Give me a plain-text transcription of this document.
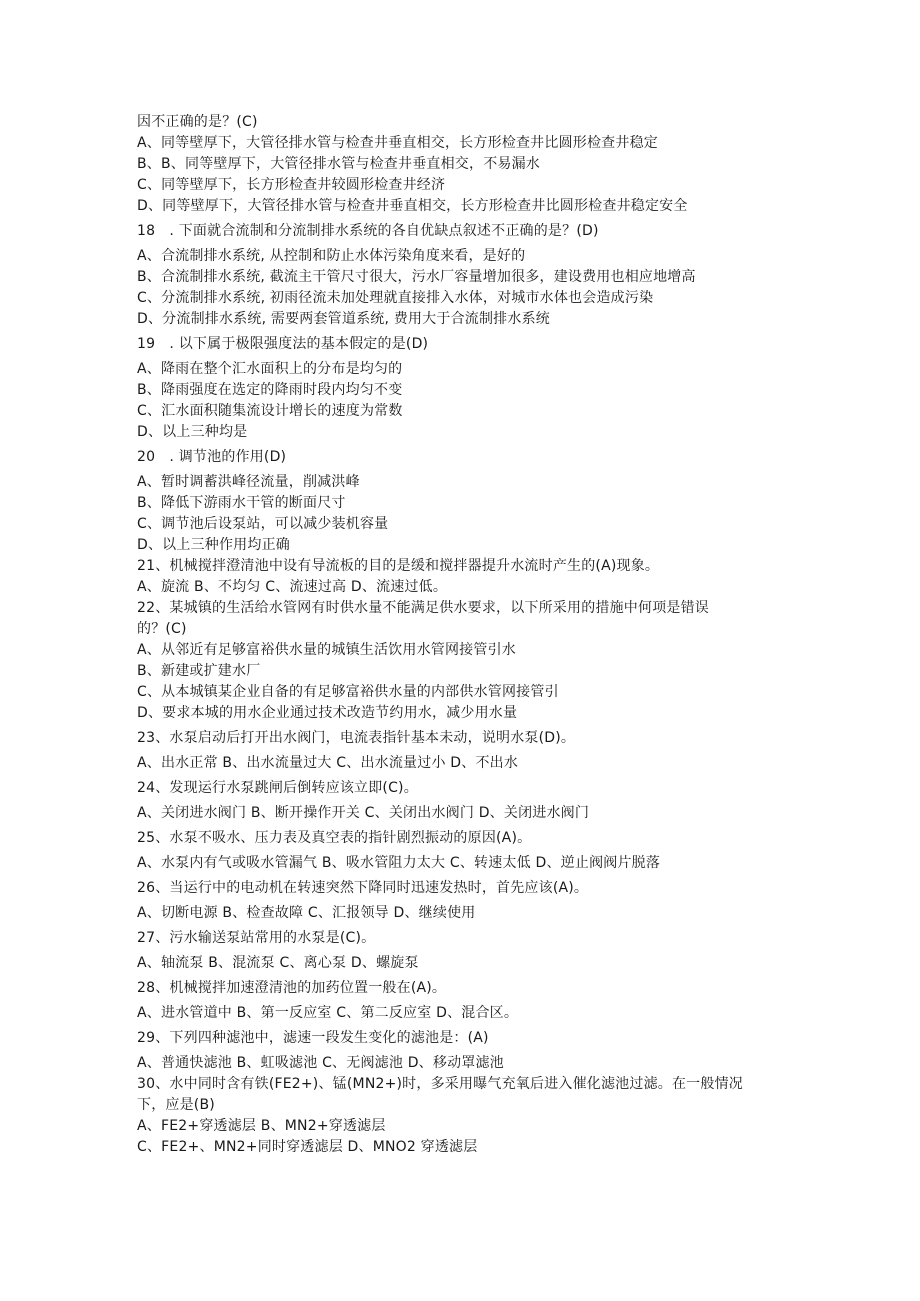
因不正确的是？(C)
A、同等壁厚下，大管径排水管与检查井垂直相交，长方形检查井比圆形检查井稳定
B、B、同等壁厚下，大管径排水管与检查井垂直相交，不易漏水
C、同等壁厚下，长方形检查井较圆形检查井经济
D、同等壁厚下，大管径排水管与检查井垂直相交，长方形检查井比圆形检查井稳定安全
18　. 下面就合流制和分流制排水系统的各自优缺点叙述不正确的是？(D)
A、合流制排水系统, 从控制和防止水体污染角度来看，是好的
B、合流制排水系统, 截流主干管尺寸很大，污水厂容量增加很多，建设费用也相应地增高
C、分流制排水系统, 初雨径流未加处理就直接排入水体，对城市水体也会造成污染
D、分流制排水系统, 需要两套管道系统, 费用大于合流制排水系统
19　. 以下属于极限强度法的基本假定的是(D)
A、降雨在整个汇水面积上的分布是均匀的
B、降雨强度在选定的降雨时段内均匀不变
C、汇水面积随集流设计增长的速度为常数
D、以上三种均是
20　. 调节池的作用(D)
A、暂时调蓄洪峰径流量，削减洪峰
B、降低下游雨水干管的断面尺寸
C、调节池后设泵站，可以减少装机容量
D、以上三种作用均正确
21、机械搅拌澄清池中设有导流板的目的是缓和搅拌器提升水流时产生的(A)现象。
A、旋流 B、不均匀 C、流速过高 D、流速过低。
22、某城镇的生活给水管网有时供水量不能满足供水要求，以下所采用的措施中何项是错误
的？(C)
A、从邻近有足够富裕供水量的城镇生活饮用水管网接管引水
B、新建或扩建水厂
C、从本城镇某企业自备的有足够富裕供水量的内部供水管网接管引
D、要求本城的用水企业通过技术改造节约用水，减少用水量
23、水泵启动后打开出水阀门，电流表指针基本未动，说明水泵(D)。
A、出水正常 B、出水流量过大 C、出水流量过小 D、不出水
24、发现运行水泵跳闸后倒转应该立即(C)。
A、关闭进水阀门 B、断开操作开关 C、关闭出水阀门 D、关闭进水阀门
25、水泵不吸水、压力表及真空表的指针剧烈振动的原因(A)。
A、水泵内有气或吸水管漏气 B、吸水管阻力太大 C、转速太低 D、逆止阀阀片脱落
26、当运行中的电动机在转速突然下降同时迅速发热时，首先应该(A)。
A、切断电源 B、检查故障 C、汇报领导 D、继续使用
27、污水输送泵站常用的水泵是(C)。
A、轴流泵 B、混流泵 C、离心泵 D、螺旋泵
28、机械搅拌加速澄清池的加药位置一般在(A)。
A、进水管道中 B、第一反应室 C、第二反应室 D、混合区。
29、下列四种滤池中，滤速一段发生变化的滤池是：(A)
A、普通快滤池 B、虹吸滤池 C、无阀滤池 D、移动罩滤池
30、水中同时含有铁(FE2+)、锰(MN2+)时，多采用曝气充氧后进入催化滤池过滤。在一般情况
下，应是(B)
A、FE2+穿透滤层 B、MN2+穿透滤层
C、FE2+、MN2+同时穿透滤层 D、MNO2 穿透滤层
